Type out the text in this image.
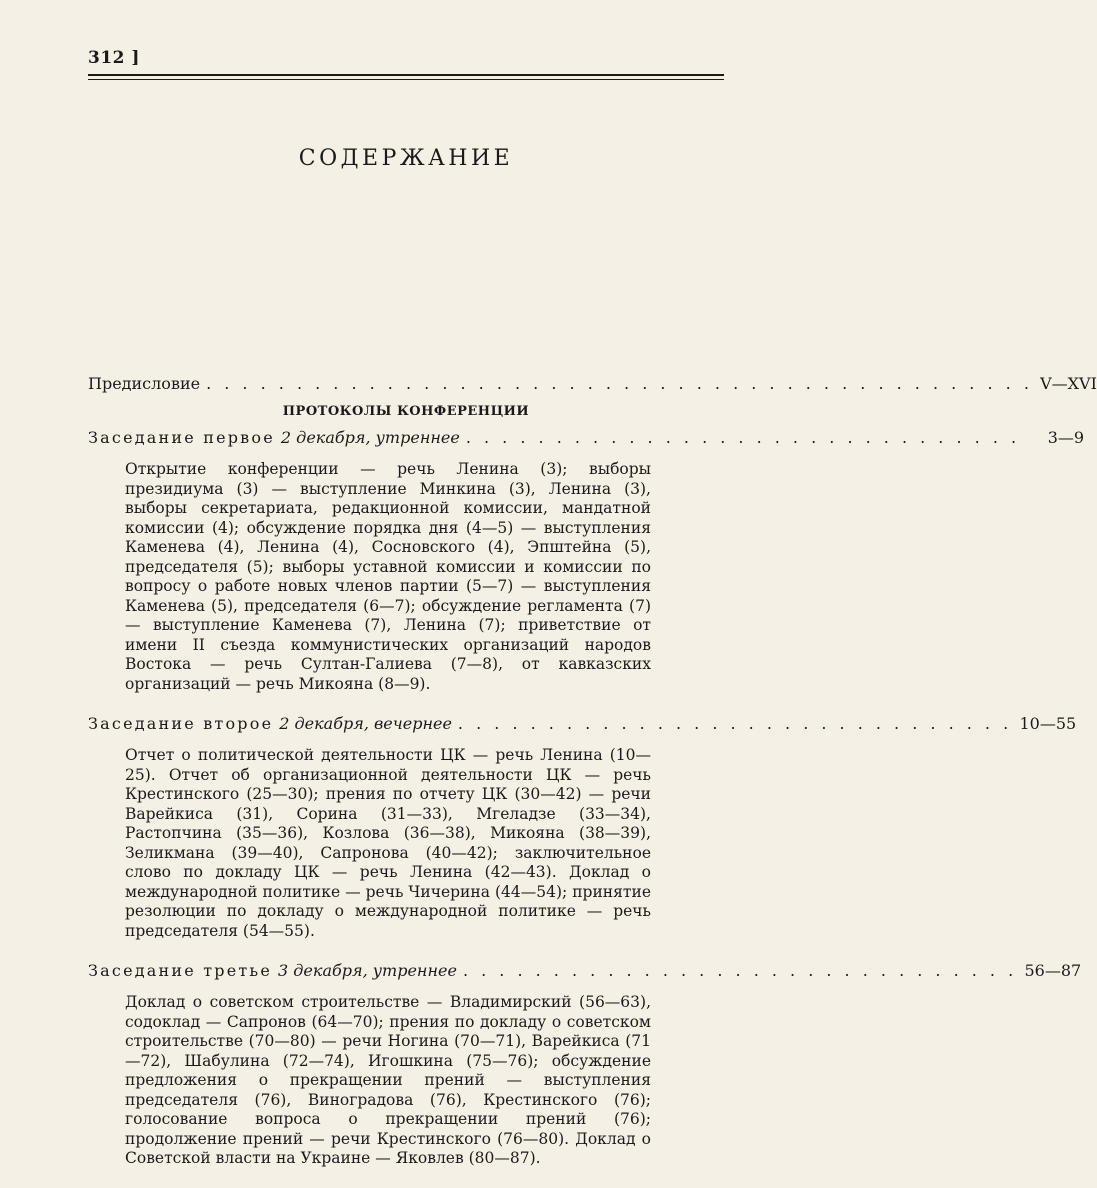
312 ]
СОДЕРЖАНИЕ
Предисловие . . . . . . . . . . . . . . . . . . . . . . . . . . . . . . . . . . . . . . . . . . . . . . V—XVI
ПРОТОКОЛЫ КОНФЕРЕНЦИИ
Заседание первое 2 декабря, утреннее . . . . . . . . . . . . . . . . . . . . . . . . . . . . . . .	3—9
Открытие конференции — речь Ленина (3); выборы президиума (3) — выступление Минкина (3), Ленина (3), выборы секретариата, редакционной комиссии, мандатной комиссии (4); обсуждение порядка дня (4—5) — выступления Каменева (4), Ленина (4), Сосновского (4), Эпштейна (5), председателя (5); выборы уставной комиссии и комиссии по вопросу о работе новых членов партии (5—7) — выступления Каменева (5), председателя (6—7); обсуждение регламента (7) — выступление Каменева (7), Ленина (7); приветствие от имени II съезда коммунистических организаций народов Востока — речь Султан-Галиева (7—8), от кавказских организаций — речь Микояна (8—9).
Заседание второе 2 декабря, вечернее . . . . . . . . . . . . . . . . . . . . . . . . . . . . . . . 10—55
Отчет о политической деятельности ЦК — речь Ленина (10—25). Отчет об организационной деятельности ЦК — речь Крестинского (25—30); прения по отчету ЦК (30—42) — речи Варейкиса (31), Сорина (31—33), Мгеладзе (33—34), Растопчина (35—36), Козлова (36—38), Микояна (38—39), Зеликмана (39—40), Сапронова (40—42); заключительное слово по докладу ЦК — речь Ленина (42—43). Доклад о международной политике — речь Чичерина (44—54); принятие резолюции по докладу о международной политике — речь председателя (54—55).
Заседание третье 3 декабря, утреннее . . . . . . . . . . . . . . . . . . . . . . . . . . . . . . . 56—87
Доклад о советском строительстве — Владимирский (56—63), содоклад — Сапронов (64—70); прения по докладу о советском строительстве (70—80) — речи Ногина (70—71), Варейкиса (71—72), Шабулина (72—74), Игошкина (75—76); обсуждение предложения о прекращении прений — выступления председателя (76), Виноградова (76), Крестинского (76); голосование вопроса о прекращении прений (76); продолжение прений — речи Крестинского (76—80). Доклад о Советской власти на Украине — Яковлев (80—87).
